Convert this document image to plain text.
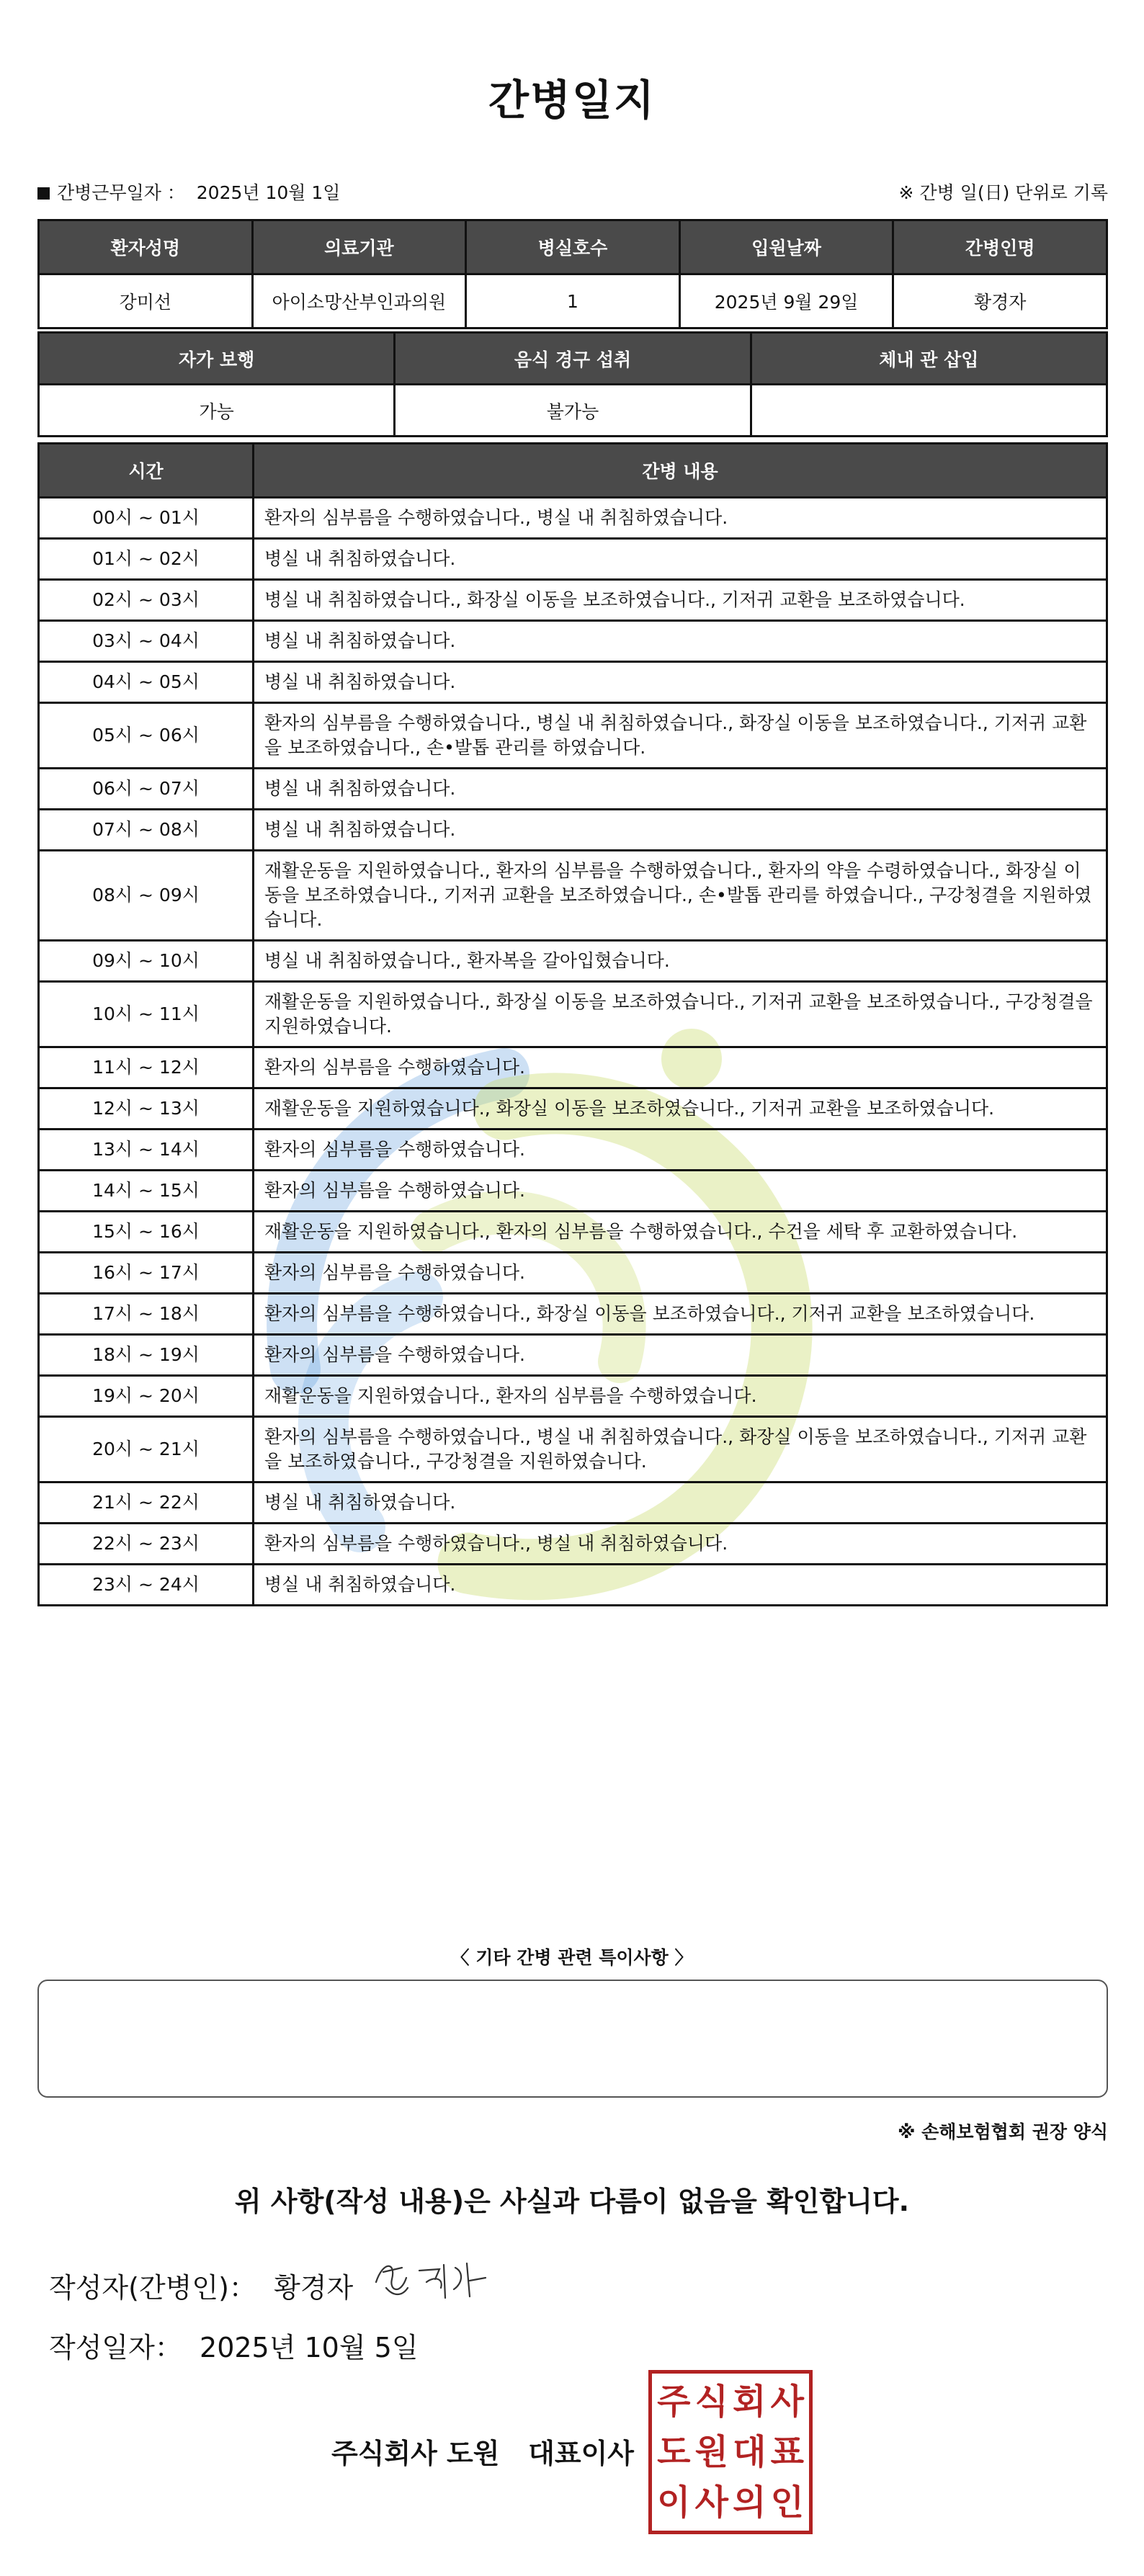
간병일지
간병근무일자 ： 2025년 10월 1일	※ 간병 일(日) 단위로 기록
환자성명	의료기관	병실호수	입원날짜	간병인명
강미선	아이소망산부인과의원	1	2025년 9월 29일	황경자
자가 보행	음식 경구 섭취	체내 관 삽입
가능	불가능	
시간	간병 내용
00시 ~ 01시	환자의 심부름을 수행하였습니다., 병실 내 취침하였습니다.
01시 ~ 02시	병실 내 취침하였습니다.
02시 ~ 03시	병실 내 취침하였습니다., 화장실 이동을 보조하였습니다., 기저귀 교환을 보조하였습니다.
03시 ~ 04시	병실 내 취침하였습니다.
04시 ~ 05시	병실 내 취침하였습니다.
05시 ~ 06시	환자의 심부름을 수행하였습니다., 병실 내 취침하였습니다., 화장실 이동을 보조하였습니다., 기저귀 교환을 보조하였습니다., 손•발톱 관리를 하였습니다.
06시 ~ 07시	병실 내 취침하였습니다.
07시 ~ 08시	병실 내 취침하였습니다.
08시 ~ 09시	재활운동을 지원하였습니다., 환자의 심부름을 수행하였습니다., 환자의 약을 수령하였습니다., 화장실 이동을 보조하였습니다., 기저귀 교환을 보조하였습니다., 손•발톱 관리를 하였습니다., 구강청결을 지원하였습니다.
09시 ~ 10시	병실 내 취침하였습니다., 환자복을 갈아입혔습니다.
10시 ~ 11시	재활운동을 지원하였습니다., 화장실 이동을 보조하였습니다., 기저귀 교환을 보조하였습니다., 구강청결을 지원하였습니다.
11시 ~ 12시	환자의 심부름을 수행하였습니다.
12시 ~ 13시	재활운동을 지원하였습니다., 화장실 이동을 보조하였습니다., 기저귀 교환을 보조하였습니다.
13시 ~ 14시	환자의 심부름을 수행하였습니다.
14시 ~ 15시	환자의 심부름을 수행하였습니다.
15시 ~ 16시	재활운동을 지원하였습니다., 환자의 심부름을 수행하였습니다., 수건을 세탁 후 교환하였습니다.
16시 ~ 17시	환자의 심부름을 수행하였습니다.
17시 ~ 18시	환자의 심부름을 수행하였습니다., 화장실 이동을 보조하였습니다., 기저귀 교환을 보조하였습니다.
18시 ~ 19시	환자의 심부름을 수행하였습니다.
19시 ~ 20시	재활운동을 지원하였습니다., 환자의 심부름을 수행하였습니다.
20시 ~ 21시	환자의 심부름을 수행하였습니다., 병실 내 취침하였습니다., 화장실 이동을 보조하였습니다., 기저귀 교환을 보조하였습니다., 구강청결을 지원하였습니다.
21시 ~ 22시	병실 내 취침하였습니다.
22시 ~ 23시	환자의 심부름을 수행하였습니다., 병실 내 취침하였습니다.
23시 ~ 24시	병실 내 취침하였습니다.
〈 기타 간병 관련 특이사항 〉
※ 손해보험협회 권장 양식
위 사항(작성 내용)은 사실과 다름이 없음을 확인합니다.
작성자(간병인)： 황경자
작성일자： 2025년 10월 5일
주식회사 도원 대표이사
주 식 회 사
도 원 대 표
이 사 의 인
